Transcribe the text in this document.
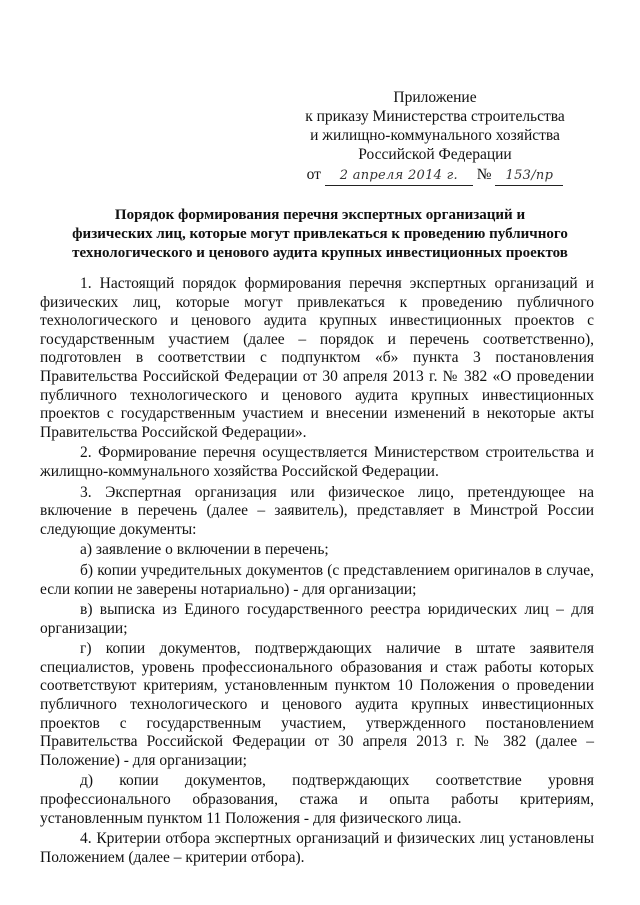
Приложение
к приказу Министерства строительства
и жилищно-коммунального хозяйства
Российской Федерации
от 2 апреля 2014 г. № 153/пр
Порядок формирования перечня экспертных организаций и
физических лиц, которые могут привлекаться к проведению публичного
технологического и ценового аудита крупных инвестиционных проектов

1. Настоящий порядок формирования перечня экспертных организаций и физических лиц, которые могут привлекаться к проведению публичного технологического и ценового аудита крупных инвестиционных проектов с государственным участием (далее – порядок и перечень соответственно), подготовлен в соответствии с подпунктом «б» пункта 3 постановления Правительства Российской Федерации от 30 апреля 2013 г. № 382 «О проведении публичного технологического и ценового аудита крупных инвестиционных проектов с государственным участием и внесении изменений в некоторые акты Правительства Российской Федерации».

2. Формирование перечня осуществляется Министерством строительства и жилищно-коммунального хозяйства Российской Федерации.

3. Экспертная организация или физическое лицо, претендующее на включение в перечень (далее – заявитель), представляет в Минстрой России следующие документы:

а) заявление о включении в перечень;

б) копии учредительных документов (с представлением оригиналов в случае, если копии не заверены нотариально) - для организации;

в) выписка из Единого государственного реестра юридических лиц – для организации;

г) копии документов, подтверждающих наличие в штате заявителя специалистов, уровень профессионального образования и стаж работы которых соответствуют критериям, установленным пунктом 10 Положения о проведении публичного технологического и ценового аудита крупных инвестиционных проектов с государственным участием, утвержденного постановлением Правительства Российской Федерации от 30 апреля 2013 г. № 382 (далее – Положение) - для организации;

д) копии документов, подтверждающих соответствие уровня профессионального образования, стажа и опыта работы критериям, установленным пунктом 11 Положения - для физического лица.

4. Критерии отбора экспертных организаций и физических лиц установлены Положением (далее – критерии отбора).
